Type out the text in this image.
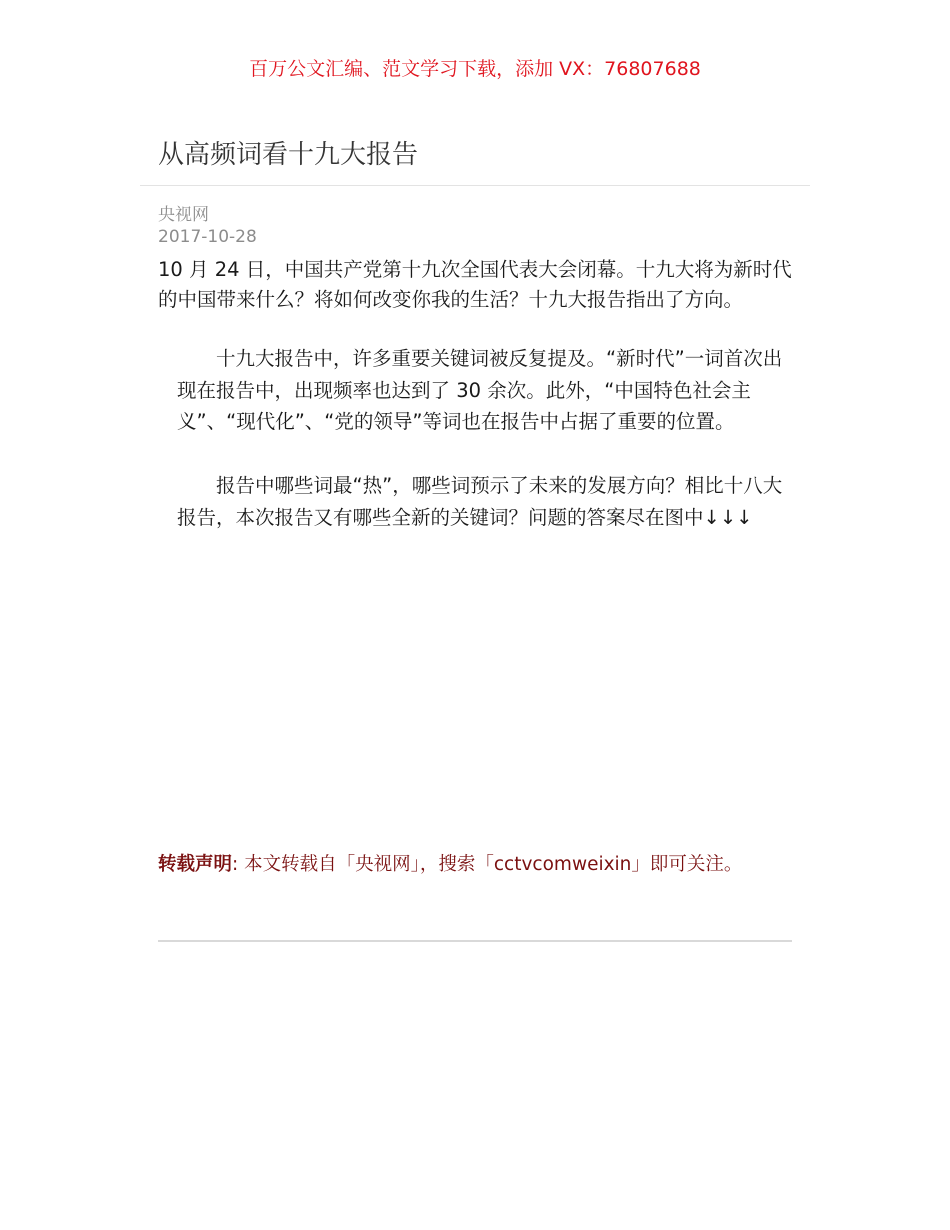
百万公文汇编、范文学习下载，添加 VX：76807688
从高频词看十九大报告
央视网
2017-10-28

10 月 24 日，中国共产党第十九次全国代表大会闭幕。十九大将为新时代的中国带来什么？将如何改变你我的生活？十九大报告指出了方向。

十九大报告中，许多重要关键词被反复提及。“新时代”一词首次出现在报告中，出现频率也达到了 30 余次。此外，“中国特色社会主义”、“现代化”、“党的领导”等词也在报告中占据了重要的位置。

报告中哪些词最“热”，哪些词预示了未来的发展方向？相比十八大报告，本次报告又有哪些全新的关键词？问题的答案尽在图中↓↓↓

转载声明: 本文转载自「央视网」，搜索「cctvcomweixin」即可关注。
